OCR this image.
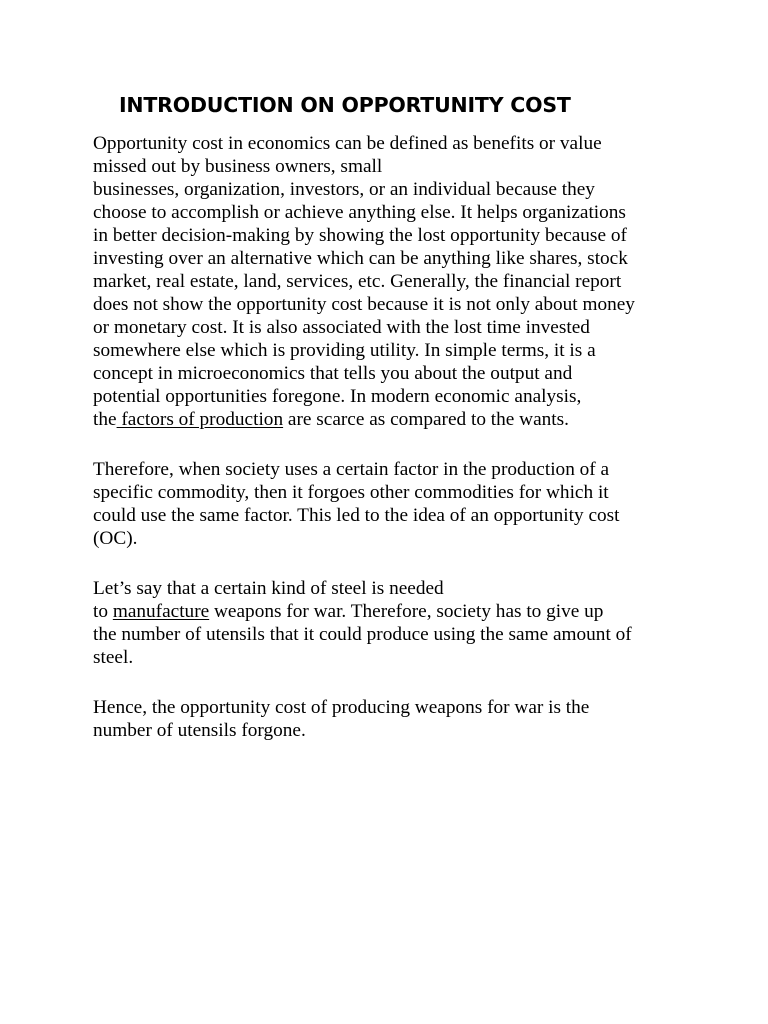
INTRODUCTION ON OPPORTUNITY COST

Opportunity cost in economics can be defined as benefits or value
missed out by business owners, small
businesses, organization, investors, or an individual because they
choose to accomplish or achieve anything else. It helps organizations
in better decision-making by showing the lost opportunity because of
investing over an alternative which can be anything like shares, stock
market, real estate, land, services, etc. Generally, the financial report
does not show the opportunity cost because it is not only about money
or monetary cost. It is also associated with the lost time invested
somewhere else which is providing utility. In simple terms, it is a
concept in microeconomics that tells you about the output and
potential opportunities foregone. In modern economic analysis,
the factors of production are scarce as compared to the wants.

Therefore, when society uses a certain factor in the production of a
specific commodity, then it forgoes other commodities for which it
could use the same factor. This led to the idea of an opportunity cost
(OC).

Let’s say that a certain kind of steel is needed
to manufacture weapons for war. Therefore, society has to give up
the number of utensils that it could produce using the same amount of
steel.

Hence, the opportunity cost of producing weapons for war is the
number of utensils forgone.
